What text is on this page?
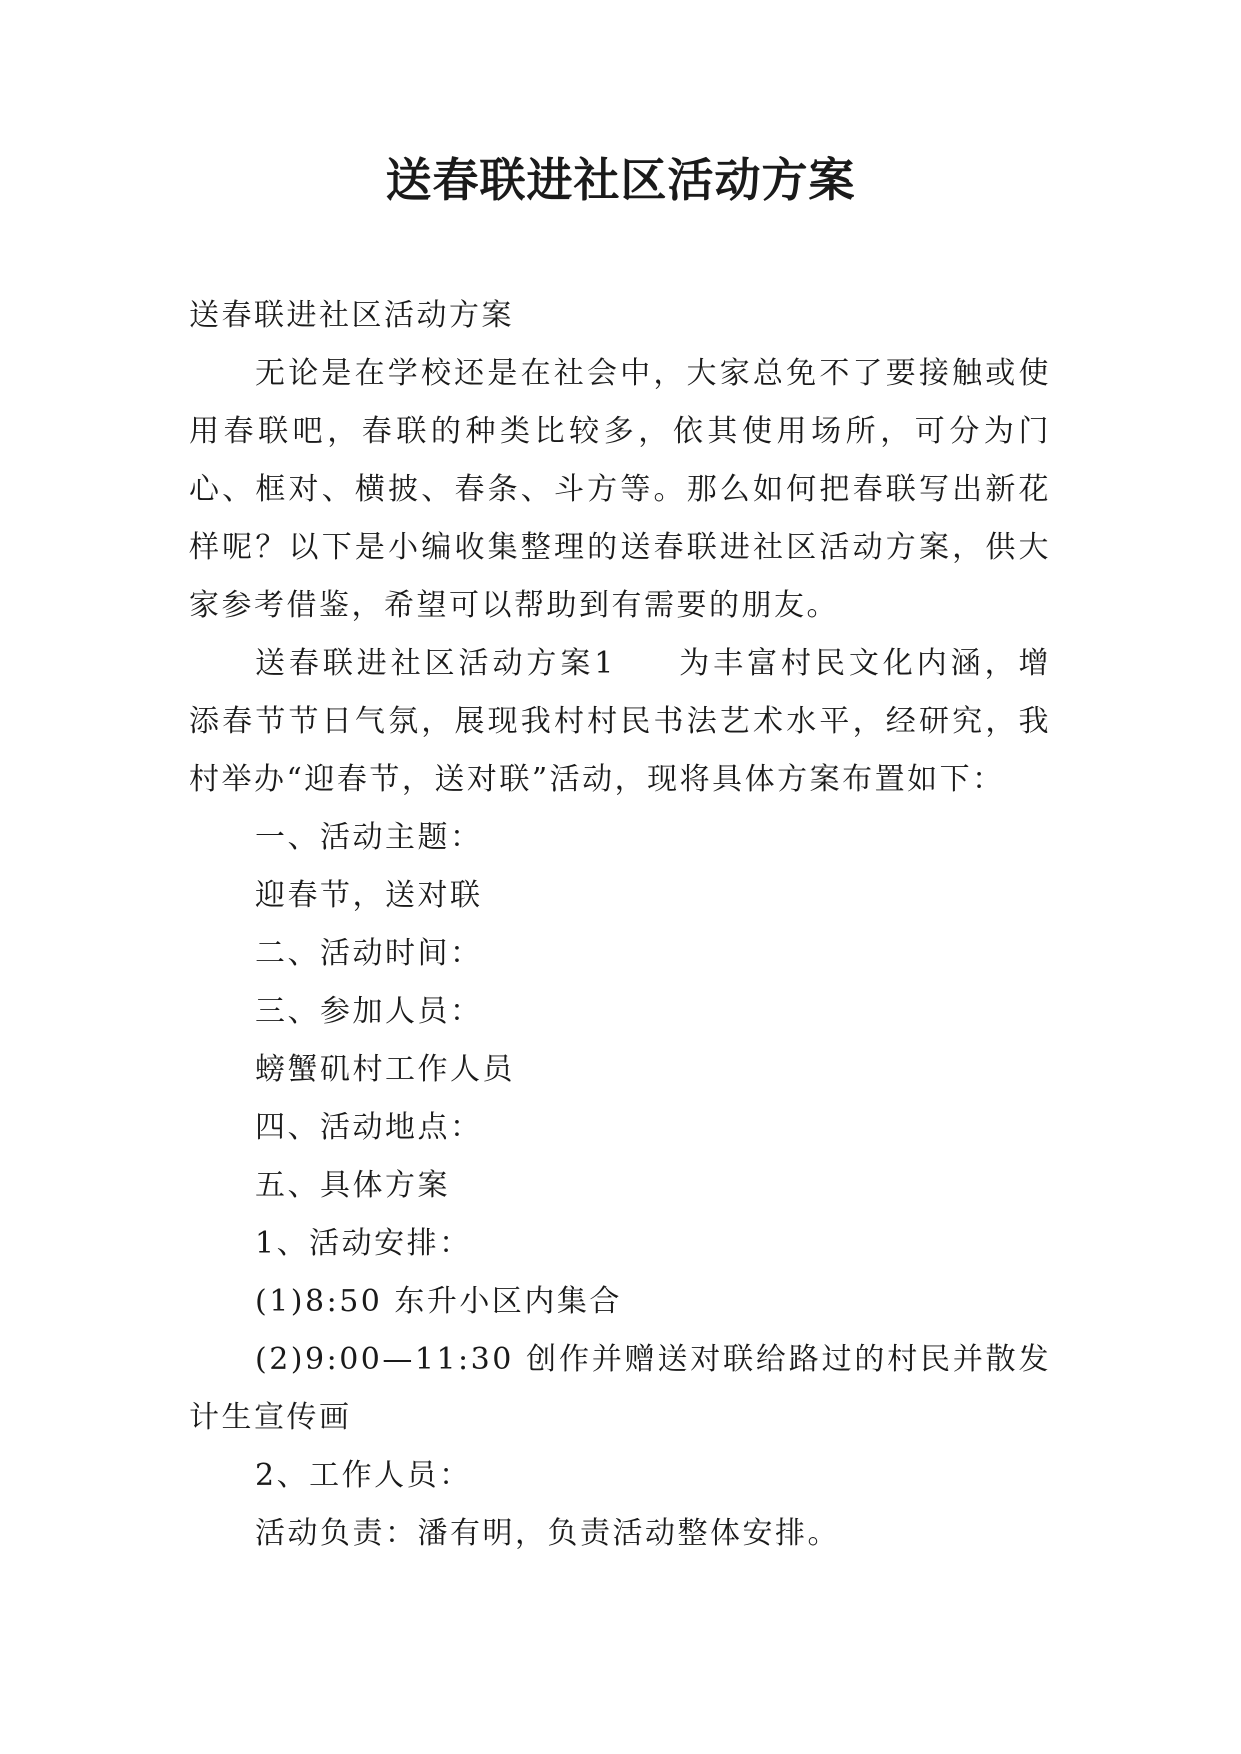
送春联进社区活动方案

送春联进社区活动方案

无论是在学校还是在社会中，大家总免不了要接触或使用春联吧，春联的种类比较多，依其使用场所，可分为门心、框对、横披、春条、斗方等。那么如何把春联写出新花样呢？以下是小编收集整理的送春联进社区活动方案，供大家参考借鉴，希望可以帮助到有需要的朋友。

送春联进社区活动方案1 为丰富村民文化内涵，增添春节节日气氛，展现我村村民书法艺术水平，经研究，我村举办“迎春节，送对联”活动，现将具体方案布置如下：

一、活动主题：

迎春节，送对联

二、活动时间：

三、参加人员：

螃蟹矶村工作人员

四、活动地点：

五、具体方案

1、活动安排：

(1)8:50 东升小区内集合

(2)9:00—11:30 创作并赠送对联给路过的村民并散发计生宣传画

2、工作人员：

活动负责：潘有明，负责活动整体安排。
